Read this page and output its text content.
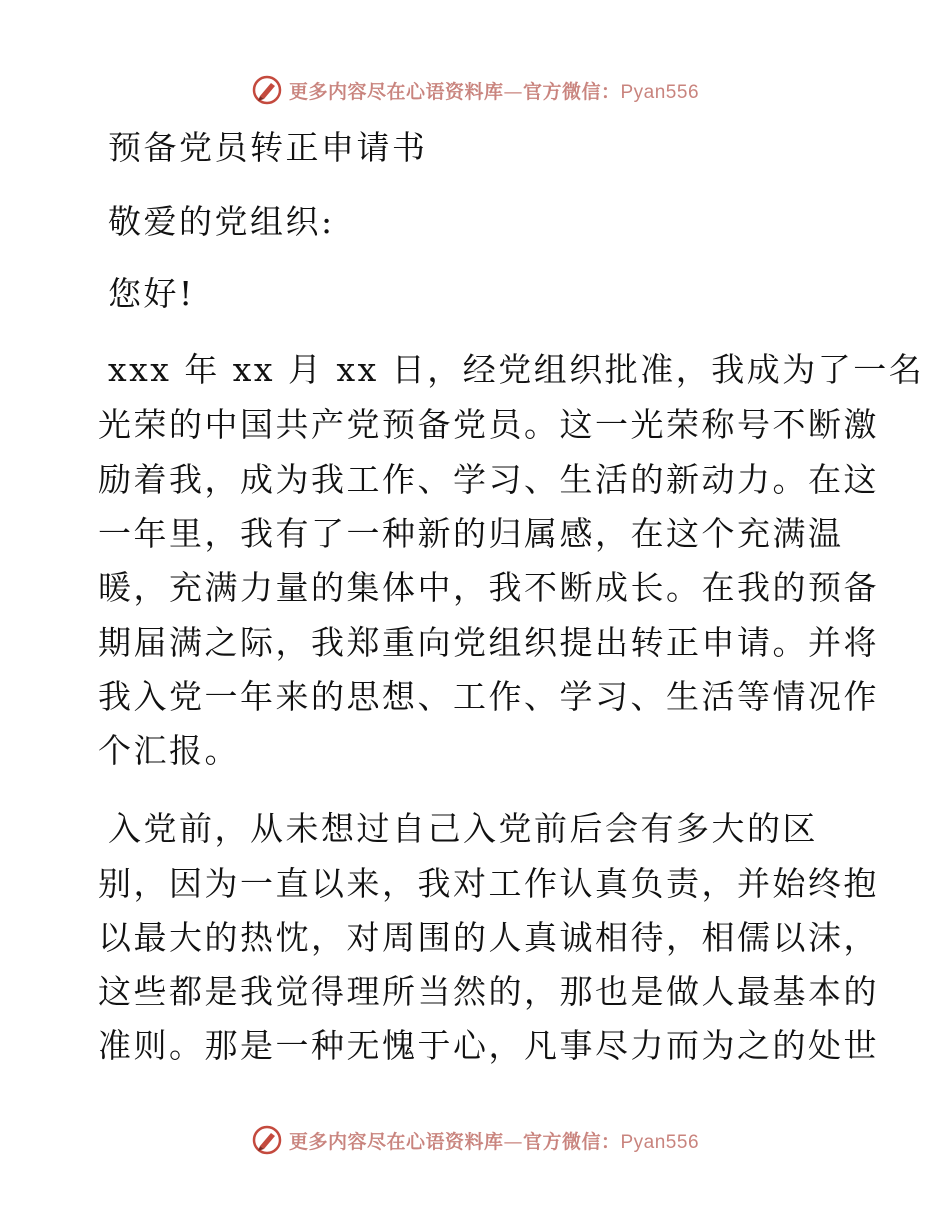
更多内容尽在心语资料库—官方微信：Pyan556
预备党员转正申请书
敬爱的党组织:
您好!
xxx 年 xx 月 xx 日，经党组织批准，我成为了一名
光荣的中国共产党预备党员。这一光荣称号不断激
励着我，成为我工作、学习、生活的新动力。在这
一年里，我有了一种新的归属感，在这个充满温
暖，充满力量的集体中，我不断成长。在我的预备
期届满之际，我郑重向党组织提出转正申请。并将
我入党一年来的思想、工作、学习、生活等情况作
个汇报。
入党前，从未想过自己入党前后会有多大的区
别，因为一直以来，我对工作认真负责，并始终抱
以最大的热忱，对周围的人真诚相待，相儒以沫，
这些都是我觉得理所当然的，那也是做人最基本的
准则。那是一种无愧于心，凡事尽力而为之的处世
更多内容尽在心语资料库—官方微信：Pyan556
